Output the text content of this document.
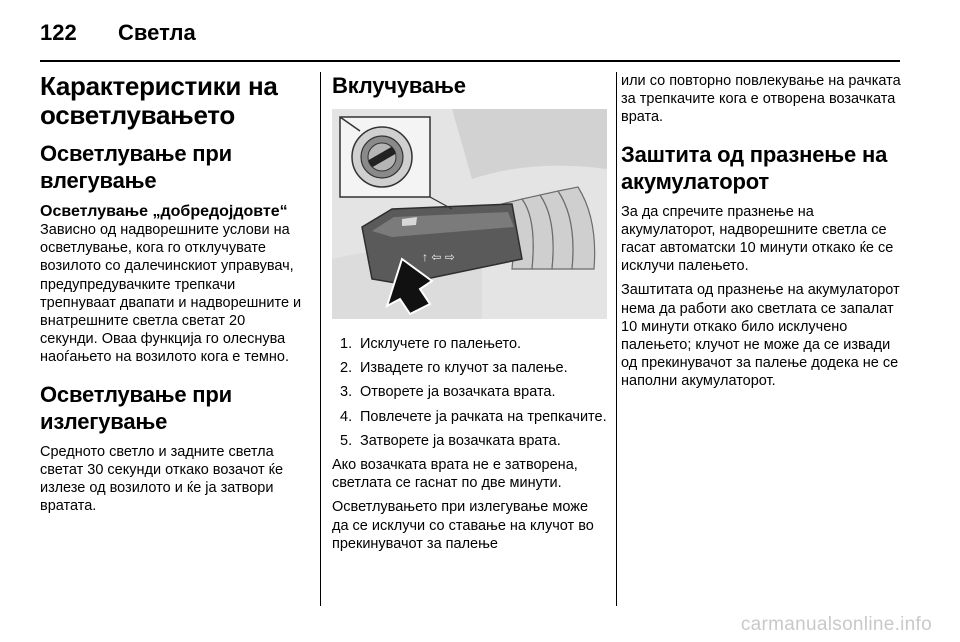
122 Светла
Карактеристики на осветлувањето
Осветлување при влегување
Осветлување „добредојдовте“

Зависно од надворешните услови на осветлување, кога го отклучувате возилото со далечинскиот управувач, предупредувачките трепкачи трепнуваат двапати и надворешните и внатрешните светла светат 20 секунди. Оваа функција го олеснува наоѓањето на возилото кога е темно.

Осветлување при излегување

Средното светло и задните светла светат 30 секунди откако возачот ќе излезе од возилото и ќе ја затвори вратата.

Вклучување
↑ ⇦ ⇨
1. Исклучете го палењето.
2. Извадете го клучот за палење.
3. Отворете ја возачката врата.
4. Повлечете ја рачката на трепкачите.
5. Затворете ја возачката врата.

Ако возачката врата не е затворена, светлата се гаснат по две минути.

Осветлувањето при излегување може да се исклучи со ставање на клучот во прекинувачот за палење

или со повторно повлекување на рачката за трепкачите кога е отворена возачката врата.

Заштита од празнење на акумулаторот

За да спречите празнење на акумулаторот, надворешните светла се гасат автоматски 10 минути откако ќе се исклучи палењето.

Заштитата од празнење на акумулаторот нема да работи ако светлата се запалат 10 минути откако било исклучено палењето; клучот не може да се извади од прекинувачот за палење додека не се наполни акумулаторот.

carmanualsonline.info
